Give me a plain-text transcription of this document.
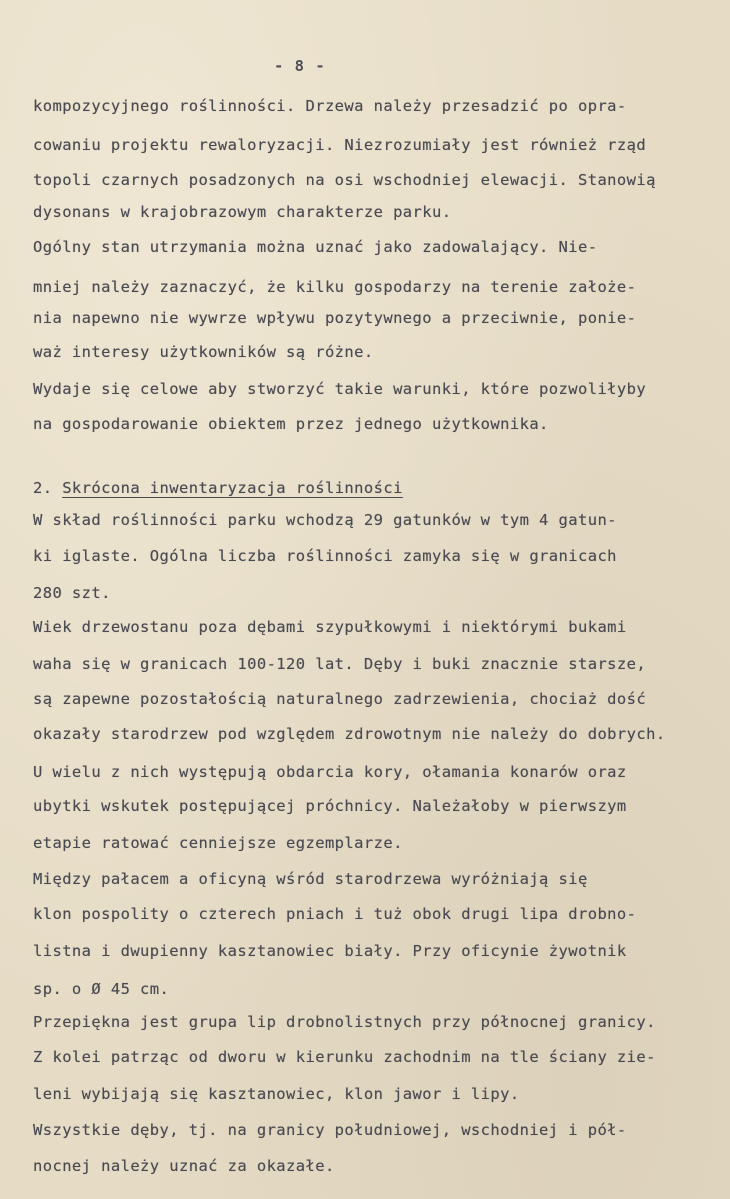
- 8 -
kompozycyjnego roślinności. Drzewa należy przesadzić po opra-
cowaniu projektu rewaloryzacji. Niezrozumiały jest również rząd
topoli czarnych posadzonych na osi wschodniej elewacji. Stanowią
dysonans w krajobrazowym charakterze parku.
Ogólny stan utrzymania można uznać jako zadowalający. Nie-
mniej należy zaznaczyć, że kilku gospodarzy na terenie założe-
nia napewno nie wywrze wpływu pozytywnego a przeciwnie, ponie-
waż interesy użytkowników są różne.
Wydaje się celowe aby stworzyć takie warunki, które pozwoliłyby
na gospodarowanie obiektem przez jednego użytkownika.
2. Skrócona inwentaryzacja roślinności
W skład roślinności parku wchodzą 29 gatunków w tym 4 gatun-
ki iglaste. Ogólna liczba roślinności zamyka się w granicach
280 szt.
Wiek drzewostanu poza dębami szypułkowymi i niektórymi bukami
waha się w granicach 100-120 lat. Dęby i buki znacznie starsze,
są zapewne pozostałością naturalnego zadrzewienia, chociaż dość
okazały starodrzew pod względem zdrowotnym nie należy do dobrych.
U wielu z nich występują obdarcia kory, ołamania konarów oraz
ubytki wskutek postępującej próchnicy. Należałoby w pierwszym
etapie ratować cenniejsze egzemplarze.
Między pałacem a oficyną wśród starodrzewa wyróżniają się
klon pospolity o czterech pniach i tuż obok drugi lipa drobno-
listna i dwupienny kasztanowiec biały. Przy oficynie żywotnik
sp. o Ø 45 cm.
Przepiękna jest grupa lip drobnolistnych przy północnej granicy.
Z kolei patrząc od dworu w kierunku zachodnim na tle ściany zie-
leni wybijają się kasztanowiec, klon jawor i lipy.
Wszystkie dęby, tj. na granicy południowej, wschodniej i pół-
nocnej należy uznać za okazałe.
